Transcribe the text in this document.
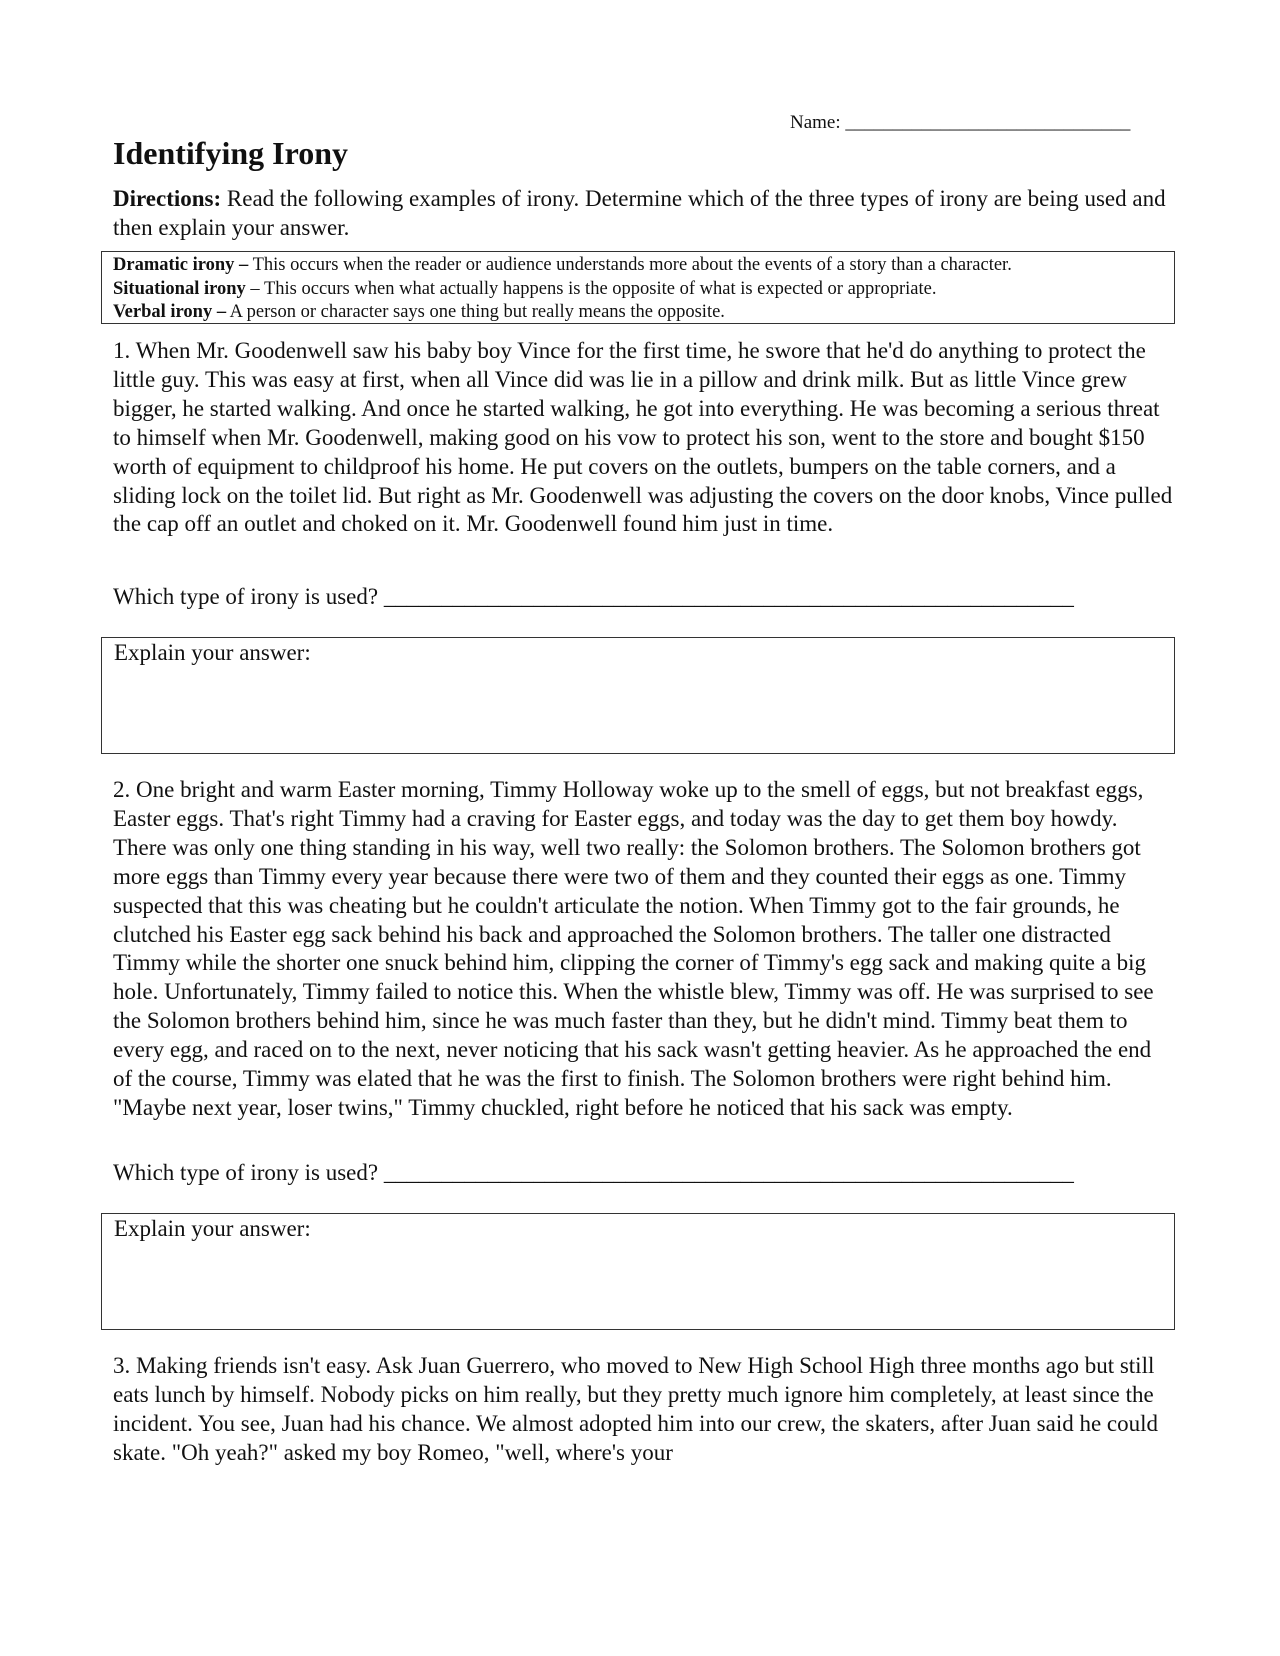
Name: ______________________________
Identifying Irony

Directions: Read the following examples of irony. Determine which of the three types of irony are being used and then explain your answer.

Dramatic irony – This occurs when the reader or audience understands more about the events of a story than a character.
Situational irony – This occurs when what actually happens is the opposite of what is expected or appropriate.
Verbal irony – A person or character says one thing but really means the opposite.

1. When Mr. Goodenwell saw his baby boy Vince for the first time, he swore that he'd do anything to protect the little guy. This was easy at first, when all Vince did was lie in a pillow and drink milk. But as little Vince grew bigger, he started walking. And once he started walking, he got into everything. He was becoming a serious threat to himself when Mr. Goodenwell, making good on his vow to protect his son, went to the store and bought $150 worth of equipment to childproof his home. He put covers on the outlets, bumpers on the table corners, and a sliding lock on the toilet lid. But right as Mr. Goodenwell was adjusting the covers on the door knobs, Vince pulled the cap off an outlet and choked on it. Mr. Goodenwell found him just in time.

Which type of irony is used? ____________________________________________________________

Explain your answer:

2. One bright and warm Easter morning, Timmy Holloway woke up to the smell of eggs, but not breakfast eggs, Easter eggs. That's right Timmy had a craving for Easter eggs, and today was the day to get them boy howdy. There was only one thing standing in his way, well two really: the Solomon brothers. The Solomon brothers got more eggs than Timmy every year because there were two of them and they counted their eggs as one. Timmy suspected that this was cheating but he couldn't articulate the notion. When Timmy got to the fair grounds, he clutched his Easter egg sack behind his back and approached the Solomon brothers. The taller one distracted Timmy while the shorter one snuck behind him, clipping the corner of Timmy's egg sack and making quite a big hole. Unfortunately, Timmy failed to notice this. When the whistle blew, Timmy was off. He was surprised to see the Solomon brothers behind him, since he was much faster than they, but he didn't mind. Timmy beat them to every egg, and raced on to the next, never noticing that his sack wasn't getting heavier. As he approached the end of the course, Timmy was elated that he was the first to finish. The Solomon brothers were right behind him. "Maybe next year, loser twins," Timmy chuckled, right before he noticed that his sack was empty.

Which type of irony is used? ____________________________________________________________

Explain your answer:

3. Making friends isn't easy. Ask Juan Guerrero, who moved to New High School High three months ago but still eats lunch by himself. Nobody picks on him really, but they pretty much ignore him completely, at least since the incident. You see, Juan had his chance. We almost adopted him into our crew, the skaters, after Juan said he could skate. "Oh yeah?" asked my boy Romeo, "well, where's your
